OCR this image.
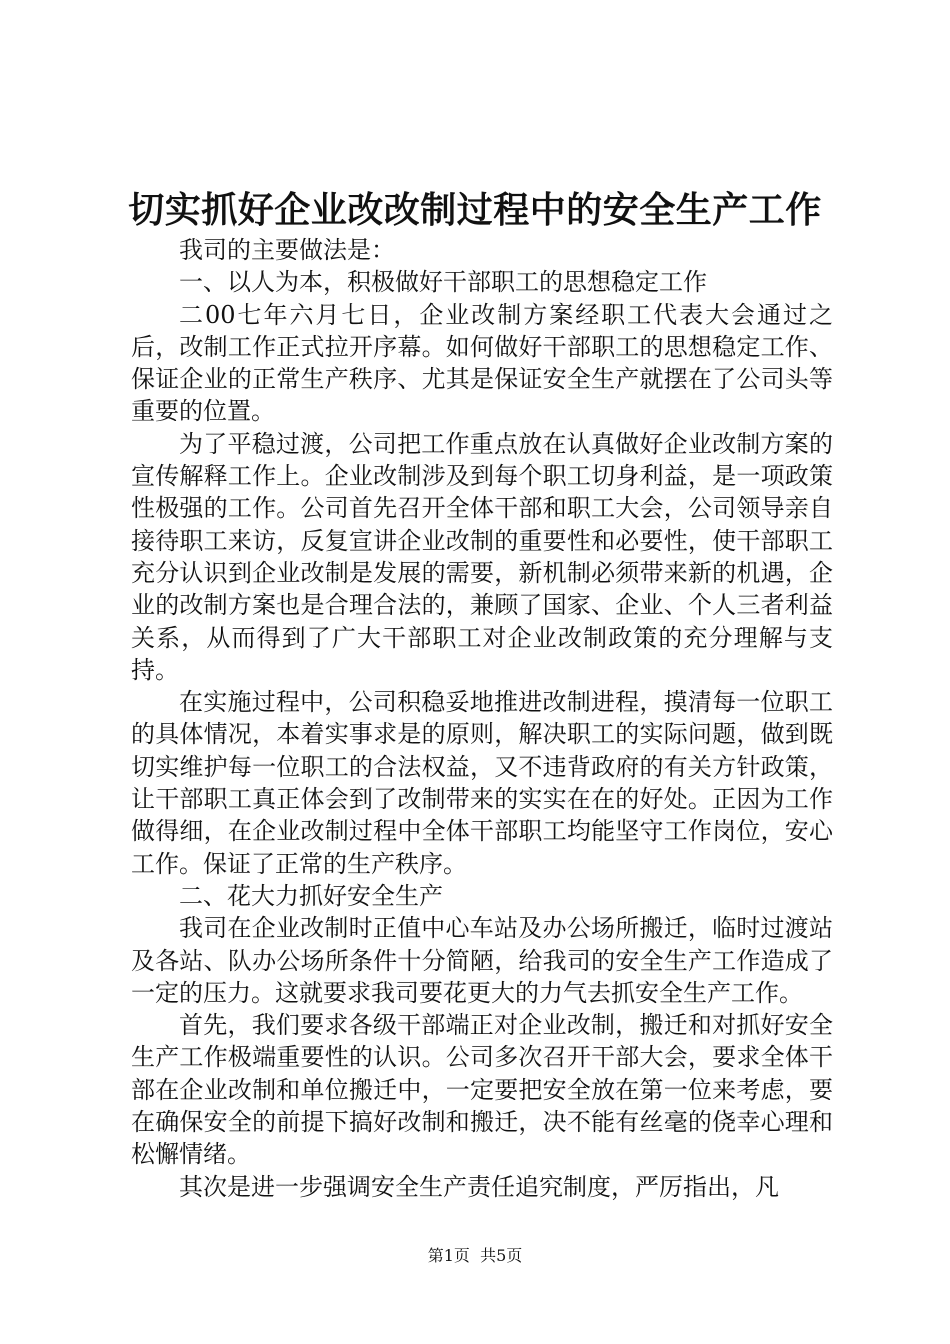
切实抓好企业改改制过程中的安全生产工作

我司的主要做法是：

一、以人为本，积极做好干部职工的思想稳定工作

二00七年六月七日，企业改制方案经职工代表大会通过之后，改制工作正式拉开序幕。如何做好干部职工的思想稳定工作、保证企业的正常生产秩序、尤其是保证安全生产就摆在了公司头等重要的位置。

为了平稳过渡，公司把工作重点放在认真做好企业改制方案的宣传解释工作上。企业改制涉及到每个职工切身利益，是一项政策性极强的工作。公司首先召开全体干部和职工大会，公司领导亲自接待职工来访，反复宣讲企业改制的重要性和必要性，使干部职工充分认识到企业改制是发展的需要，新机制必须带来新的机遇，企业的改制方案也是合理合法的，兼顾了国家、企业、个人三者利益关系，从而得到了广大干部职工对企业改制政策的充分理解与支持。

在实施过程中，公司积稳妥地推进改制进程，摸清每一位职工的具体情况，本着实事求是的原则，解决职工的实际问题，做到既切实维护每一位职工的合法权益，又不违背政府的有关方针政策，让干部职工真正体会到了改制带来的实实在在的好处。正因为工作做得细，在企业改制过程中全体干部职工均能坚守工作岗位，安心工作。保证了正常的生产秩序。

二、花大力抓好安全生产

我司在企业改制时正值中心车站及办公场所搬迁，临时过渡站及各站、队办公场所条件十分简陋，给我司的安全生产工作造成了一定的压力。这就要求我司要花更大的力气去抓安全生产工作。

首先，我们要求各级干部端正对企业改制，搬迁和对抓好安全生产工作极端重要性的认识。公司多次召开干部大会，要求全体干部在企业改制和单位搬迁中，一定要把安全放在第一位来考虑，要在确保安全的前提下搞好改制和搬迁，决不能有丝毫的侥幸心理和松懈情绪。

其次是进一步强调安全生产责任追究制度，严厉指出，凡

第1页 共5页
